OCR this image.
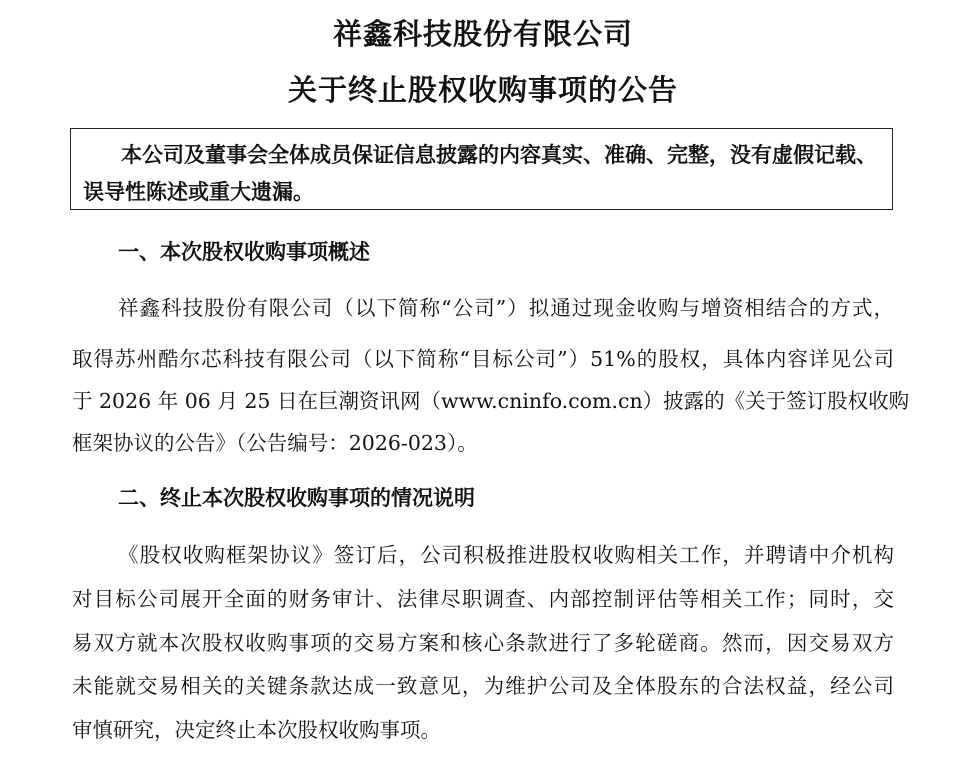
祥鑫科技股份有限公司
关于终止股权收购事项的公告
本公司及董事会全体成员保证信息披露的内容真实、准确、完整，没有虚假记载、
误导性陈述或重大遗漏。
一、本次股权收购事项概述
祥鑫科技股份有限公司（以下简称“公司”）拟通过现金收购与增资相结合的方式，
取得苏州酷尔芯科技有限公司（以下简称“目标公司”）51%的股权，具体内容详见公司
于 2026 年 06 月 25 日在巨潮资讯网（www.cninfo.com.cn）披露的《关于签订股权收购
框架协议的公告》（公告编号：2026-023）。
二、终止本次股权收购事项的情况说明
《股权收购框架协议》签订后，公司积极推进股权收购相关工作，并聘请中介机构
对目标公司展开全面的财务审计、法律尽职调查、内部控制评估等相关工作；同时，交
易双方就本次股权收购事项的交易方案和核心条款进行了多轮磋商。然而，因交易双方
未能就交易相关的关键条款达成一致意见，为维护公司及全体股东的合法权益，经公司
审慎研究，决定终止本次股权收购事项。
